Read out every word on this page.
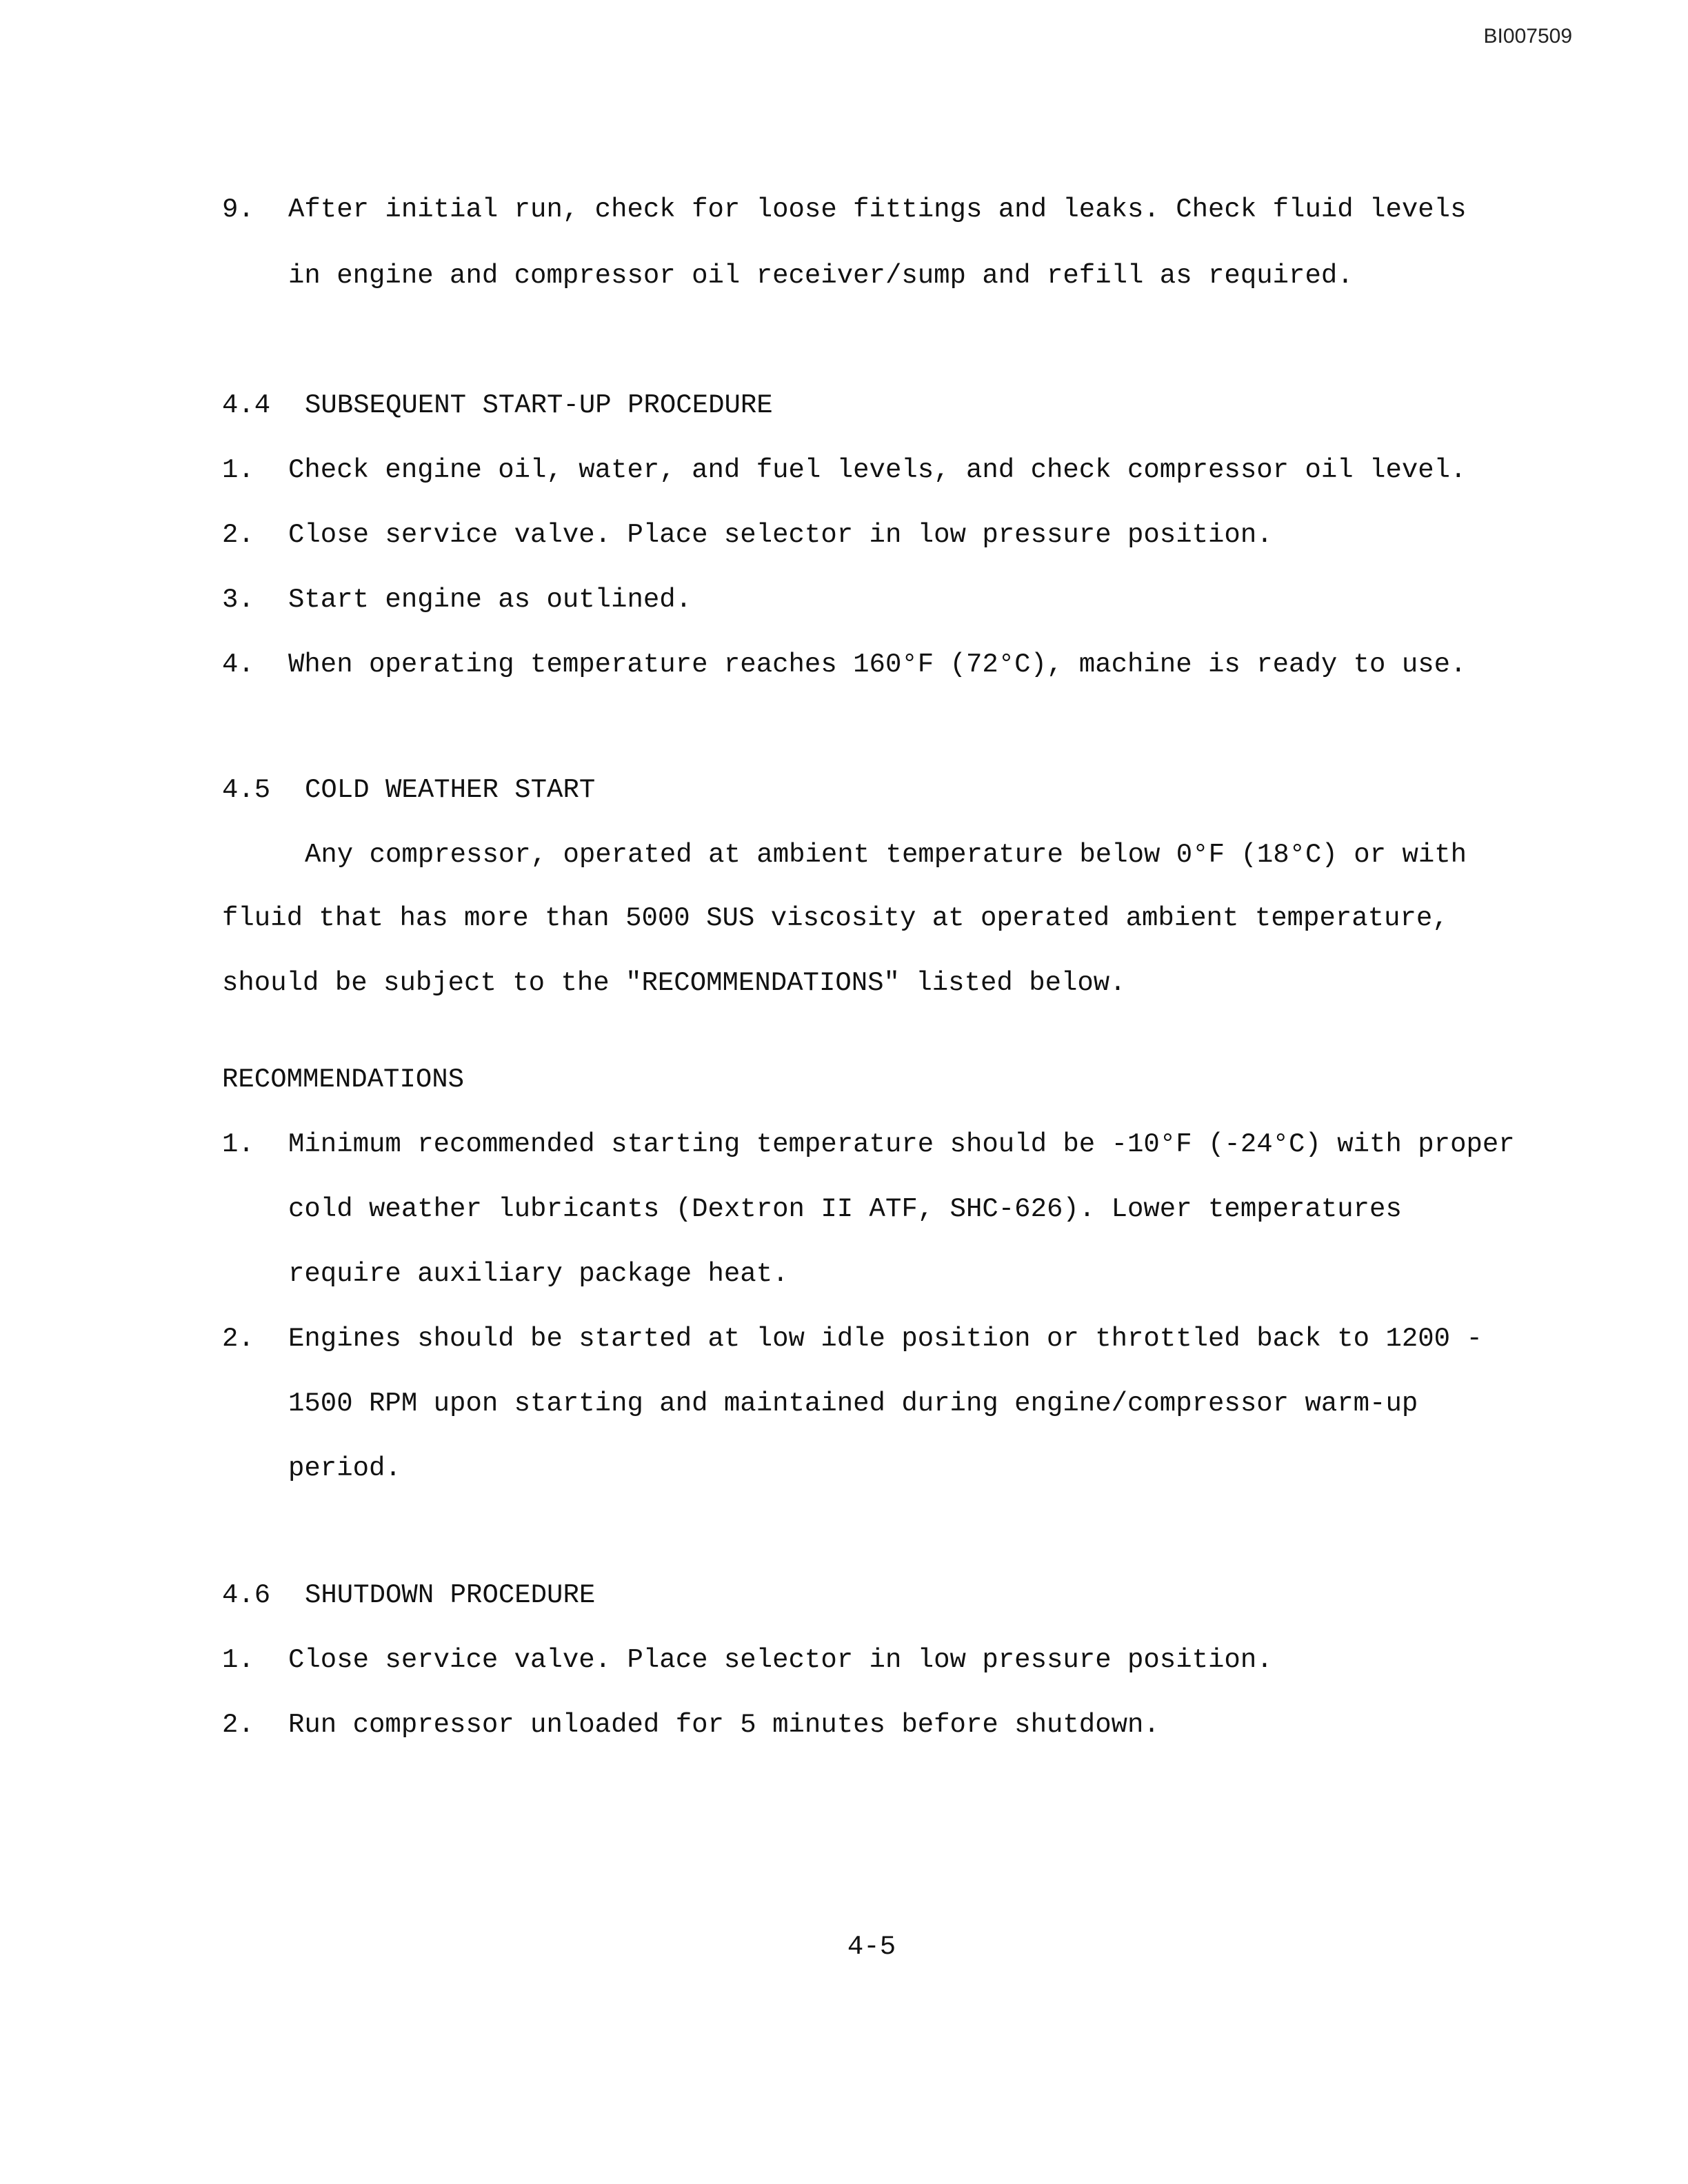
BI007509
9. After initial run, check for loose fittings and leaks. Check fluid levels
in engine and compressor oil receiver/sump and refill as required.
4.4 SUBSEQUENT START-UP PROCEDURE
1. Check engine oil, water, and fuel levels, and check compressor oil level.
2. Close service valve. Place selector in low pressure position.
3. Start engine as outlined.
4. When operating temperature reaches 160°F (72°C), machine is ready to use.
4.5 COLD WEATHER START
Any compressor, operated at ambient temperature below 0°F (18°C) or with
fluid that has more than 5000 SUS viscosity at operated ambient temperature,
should be subject to the "RECOMMENDATIONS" listed below.
RECOMMENDATIONS
1. Minimum recommended starting temperature should be -10°F (-24°C) with proper
cold weather lubricants (Dextron II ATF, SHC-626). Lower temperatures
require auxiliary package heat.
2. Engines should be started at low idle position or throttled back to 1200 -
1500 RPM upon starting and maintained during engine/compressor warm-up
period.
4.6 SHUTDOWN PROCEDURE
1. Close service valve. Place selector in low pressure position.
2. Run compressor unloaded for 5 minutes before shutdown.
4-5
